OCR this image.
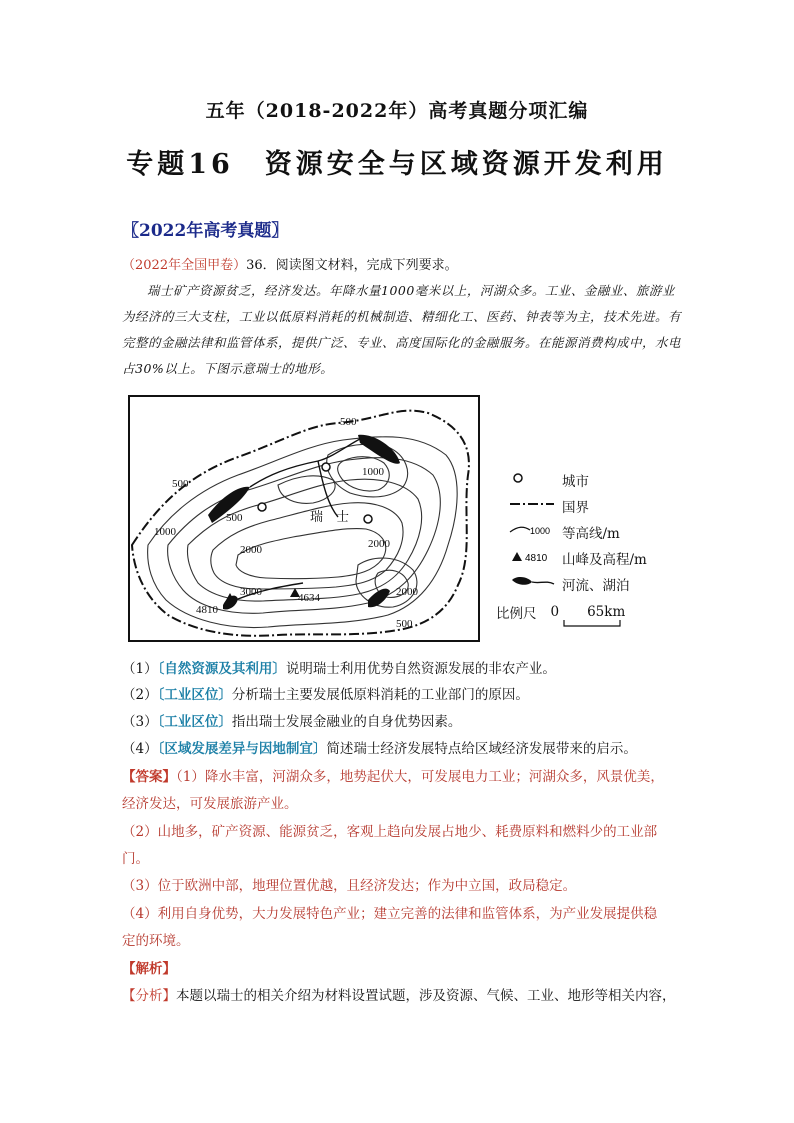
五年（2018-2022年）高考真题分项汇编
专题16　资源安全与区域资源开发利用
〖2022年高考真题〗
（2022年全国甲卷）36．阅读图文材料，完成下列要求。
瑞士矿产资源贫乏，经济发达。年降水量1000毫米以上，河湖众多。工业、金融业、旅游业为经济的三大支柱，工业以低原料消耗的机械制造、精细化工、医药、钟表等为主，技术先进。有完整的金融法律和监管体系，提供广泛、专业、高度国际化的金融服务。在能源消费构成中，水电占30%以上。下图示意瑞士的地形。
500
1000
500
500
1000
2000	2000
3000	2000
500
4810
4634
瑞　士
城市
国界
1000 等高线/m
4810 山峰及高程/m
河流、湖泊
比例尺 0 65km
（1）〔自然资源及其利用〕说明瑞士利用优势自然资源发展的非农产业。
（2）〔工业区位〕分析瑞士主要发展低原料消耗的工业部门的原因。
（3）〔工业区位〕指出瑞士发展金融业的自身优势因素。
（4）〔区域发展差异与因地制宜〕简述瑞士经济发展特点给区域经济发展带来的启示。
【答案】（1）降水丰富，河湖众多，地势起伏大，可发展电力工业；河湖众多，风景优美，
经济发达，可发展旅游产业。
（2）山地多，矿产资源、能源贫乏，客观上趋向发展占地少、耗费原料和燃料少的工业部
门。
（3）位于欧洲中部，地理位置优越，且经济发达；作为中立国，政局稳定。
（4）利用自身优势，大力发展特色产业；建立完善的法律和监管体系，为产业发展提供稳
定的环境。
【解析】
【分析】本题以瑞士的相关介绍为材料设置试题，涉及资源、气候、工业、地形等相关内容，
